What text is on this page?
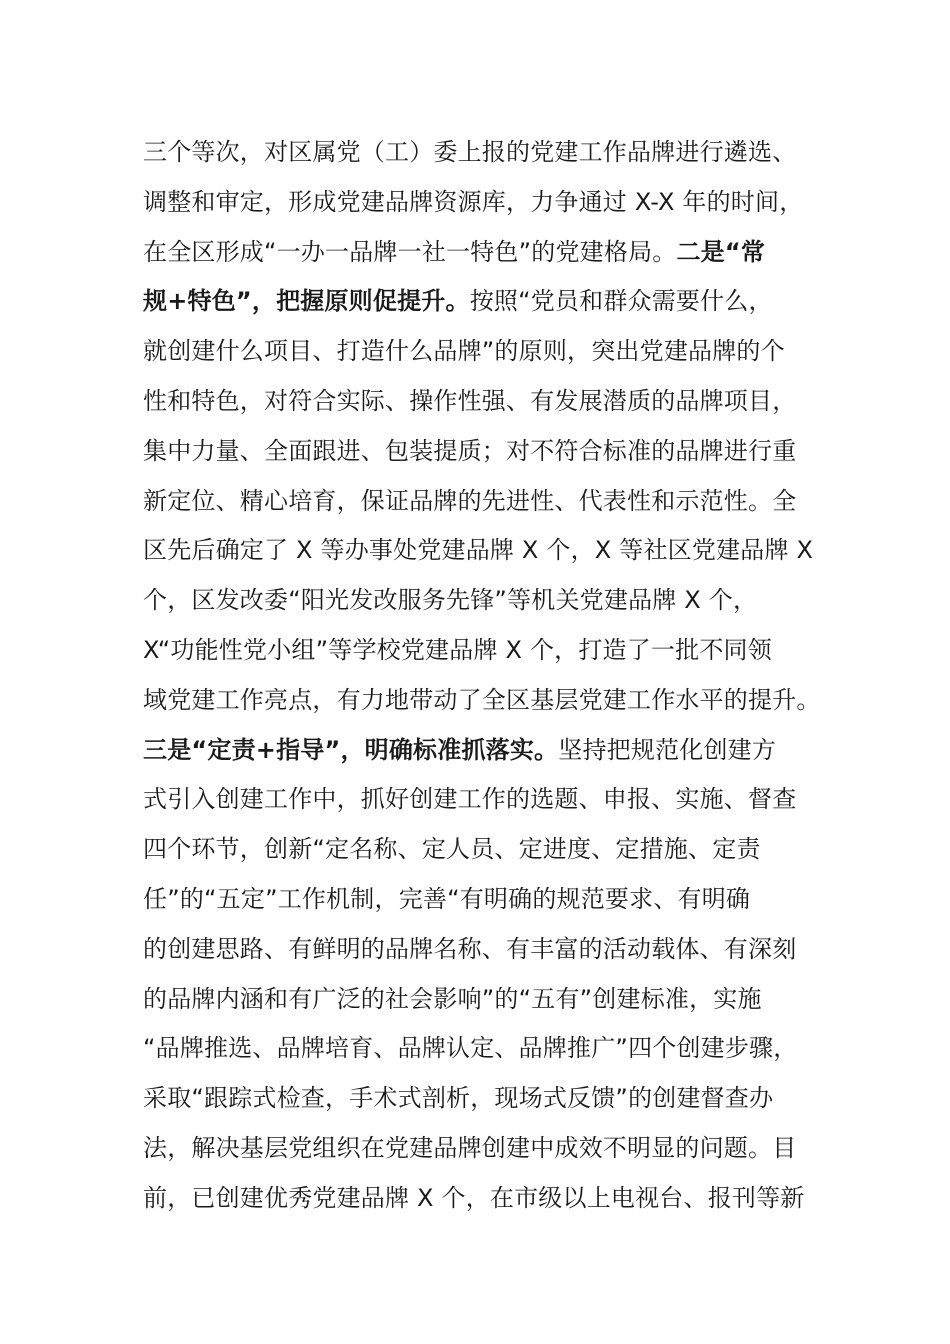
三个等次，对区属党（工）委上报的党建工作品牌进行遴选、
调整和审定，形成党建品牌资源库，力争通过 X-X 年的时间，
在全区形成“一办一品牌一社一特色”的党建格局。二是“常
规+特色”，把握原则促提升。按照“党员和群众需要什么，
就创建什么项目、打造什么品牌”的原则，突出党建品牌的个
性和特色，对符合实际、操作性强、有发展潜质的品牌项目，
集中力量、全面跟进、包装提质；对不符合标准的品牌进行重
新定位、精心培育，保证品牌的先进性、代表性和示范性。全
区先后确定了 X 等办事处党建品牌 X 个，X 等社区党建品牌 X
个，区发改委“阳光发改服务先锋”等机关党建品牌 X 个，
X“功能性党小组”等学校党建品牌 X 个，打造了一批不同领
域党建工作亮点，有力地带动了全区基层党建工作水平的提升。
三是“定责+指导”，明确标准抓落实。坚持把规范化创建方
式引入创建工作中，抓好创建工作的选题、申报、实施、督查
四个环节，创新“定名称、定人员、定进度、定措施、定责
任”的“五定”工作机制，完善“有明确的规范要求、有明确
的创建思路、有鲜明的品牌名称、有丰富的活动载体、有深刻
的品牌内涵和有广泛的社会影响”的“五有”创建标准，实施
“品牌推选、品牌培育、品牌认定、品牌推广”四个创建步骤，
采取“跟踪式检查，手术式剖析，现场式反馈”的创建督查办
法，解决基层党组织在党建品牌创建中成效不明显的问题。目
前，已创建优秀党建品牌 X 个，在市级以上电视台、报刊等新
